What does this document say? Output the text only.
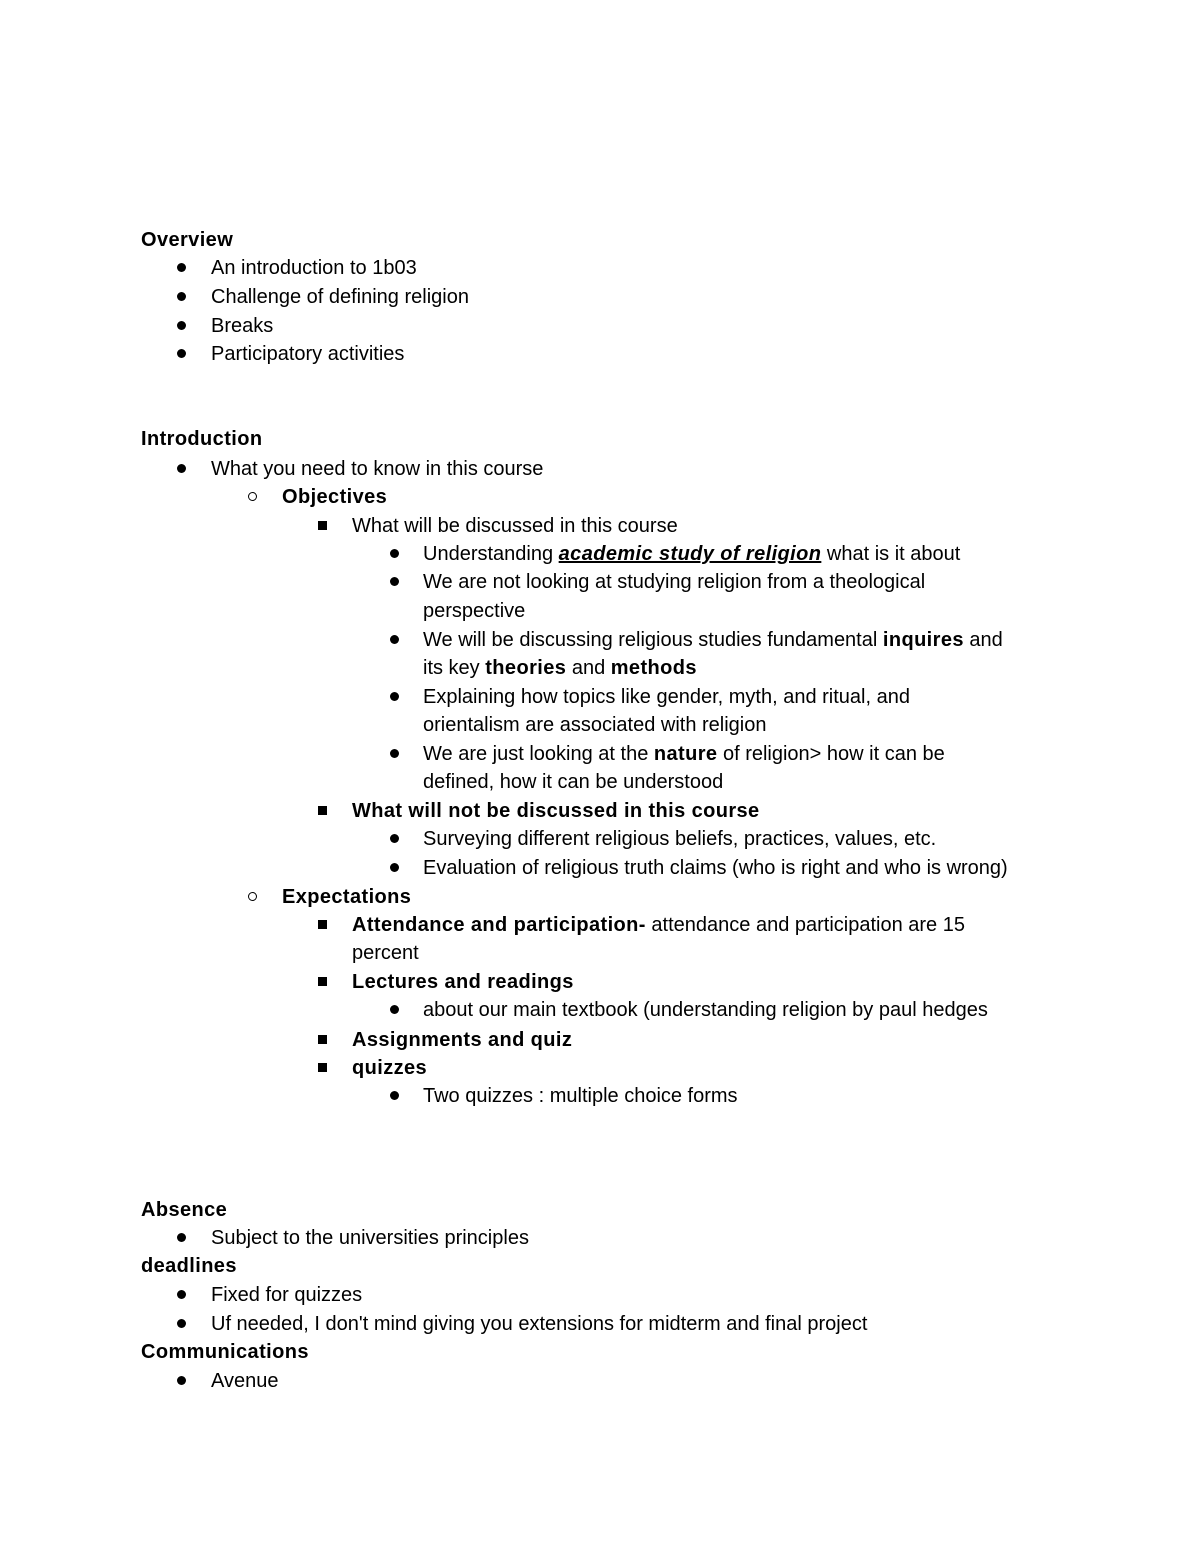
Overview
An introduction to 1b03
Challenge of defining religion
Breaks
Participatory activities
Introduction
What you need to know in this course
Objectives
What will be discussed in this course
Understanding academic study of religion what is it about
We are not looking at studying religion from a theological
perspective
We will be discussing religious studies fundamental inquires and
its key theories and methods
Explaining how topics like gender, myth, and ritual, and
orientalism are associated with religion
We are just looking at the nature of religion> how it can be
defined, how it can be understood
What will not be discussed in this course
Surveying different religious beliefs, practices, values, etc.
Evaluation of religious truth claims (who is right and who is wrong)
Expectations
Attendance and participation- attendance and participation are 15
percent
Lectures and readings
about our main textbook (understanding religion by paul hedges
Assignments and quiz
quizzes
Two quizzes : multiple choice forms
Absence
Subject to the universities principles
deadlines
Fixed for quizzes
Uf needed, I don't mind giving you extensions for midterm and final project
Communications
Avenue
